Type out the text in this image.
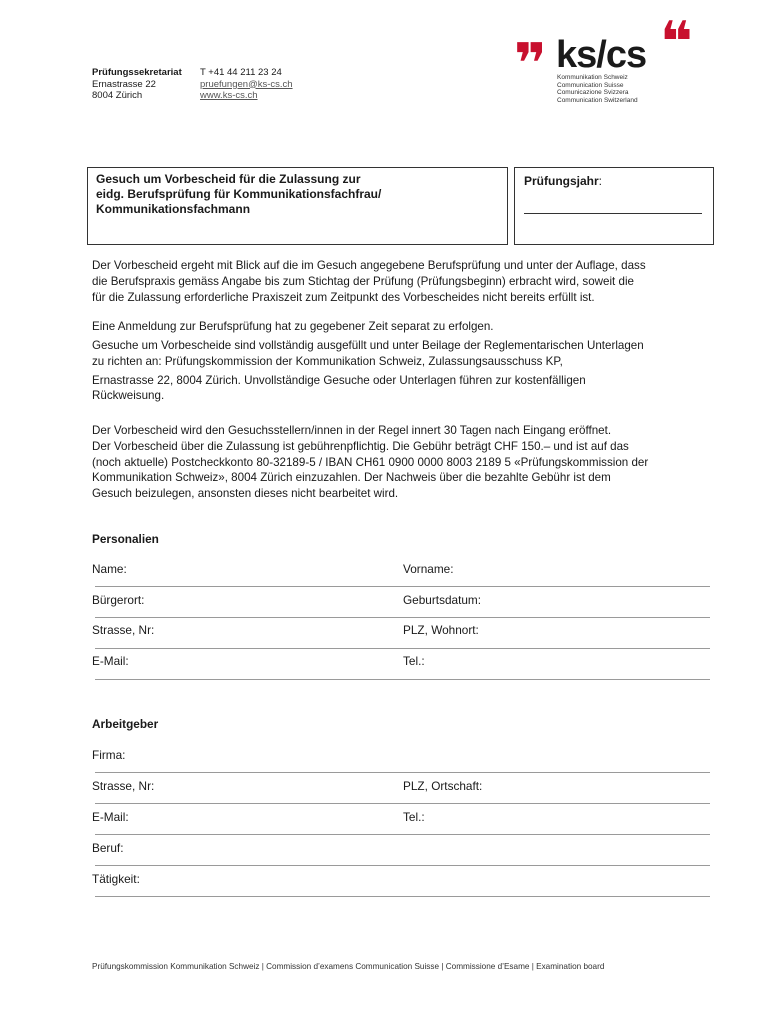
Prüfungssekretariat
Ernastrasse 22
8004 Zürich
T +41 44 211 23 24
pruefungen@ks-cs.ch
www.ks-cs.ch
❞ ks/cs ❝
Kommunikation Schweiz
Communication Suisse
Comunicazione Svizzera
Communication Switzerland
Gesuch um Vorbescheid für die Zulassung zur
eidg. Berufsprüfung für Kommunikationsfachfrau/
Kommunikationsfachmann
Prüfungsjahr:
Der Vorbescheid ergeht mit Blick auf die im Gesuch angegebene Berufsprüfung und unter der Auflage, dass
die Berufspraxis gemäss Angabe bis zum Stichtag der Prüfung (Prüfungsbeginn) erbracht wird, soweit die
für die Zulassung erforderliche Praxiszeit zum Zeitpunkt des Vorbescheides nicht bereits erfüllt ist.
Eine Anmeldung zur Berufsprüfung hat zu gegebener Zeit separat zu erfolgen.
Gesuche um Vorbescheide sind vollständig ausgefüllt und unter Beilage der Reglementarischen Unterlagen
zu richten an: Prüfungskommission der Kommunikation Schweiz, Zulassungsausschuss KP,
Ernastrasse 22, 8004 Zürich. Unvollständige Gesuche oder Unterlagen führen zur kostenfälligen
Rückweisung.
Der Vorbescheid wird den Gesuchsstellern/innen in der Regel innert 30 Tagen nach Eingang eröffnet.
Der Vorbescheid über die Zulassung ist gebührenpflichtig. Die Gebühr beträgt CHF 150.– und ist auf das
(noch aktuelle) Postcheckkonto 80-32189-5 / IBAN CH61 0900 0000 8003 2189 5 «Prüfungskommission der
Kommunikation Schweiz», 8004 Zürich einzuzahlen. Der Nachweis über die bezahlte Gebühr ist dem
Gesuch beizulegen, ansonsten dieses nicht bearbeitet wird.
Personalien
Name:	Vorname:
Bürgerort:	Geburtsdatum:
Strasse, Nr:	PLZ, Wohnort:
E-Mail:	Tel.:
Arbeitgeber
Firma:
Strasse, Nr:	PLZ, Ortschaft:
E-Mail:	Tel.:
Beruf:
Tätigkeit:
Prüfungskommission Kommunikation Schweiz | Commission d’examens Communication Suisse | Commissione d’Esame | Examination board
